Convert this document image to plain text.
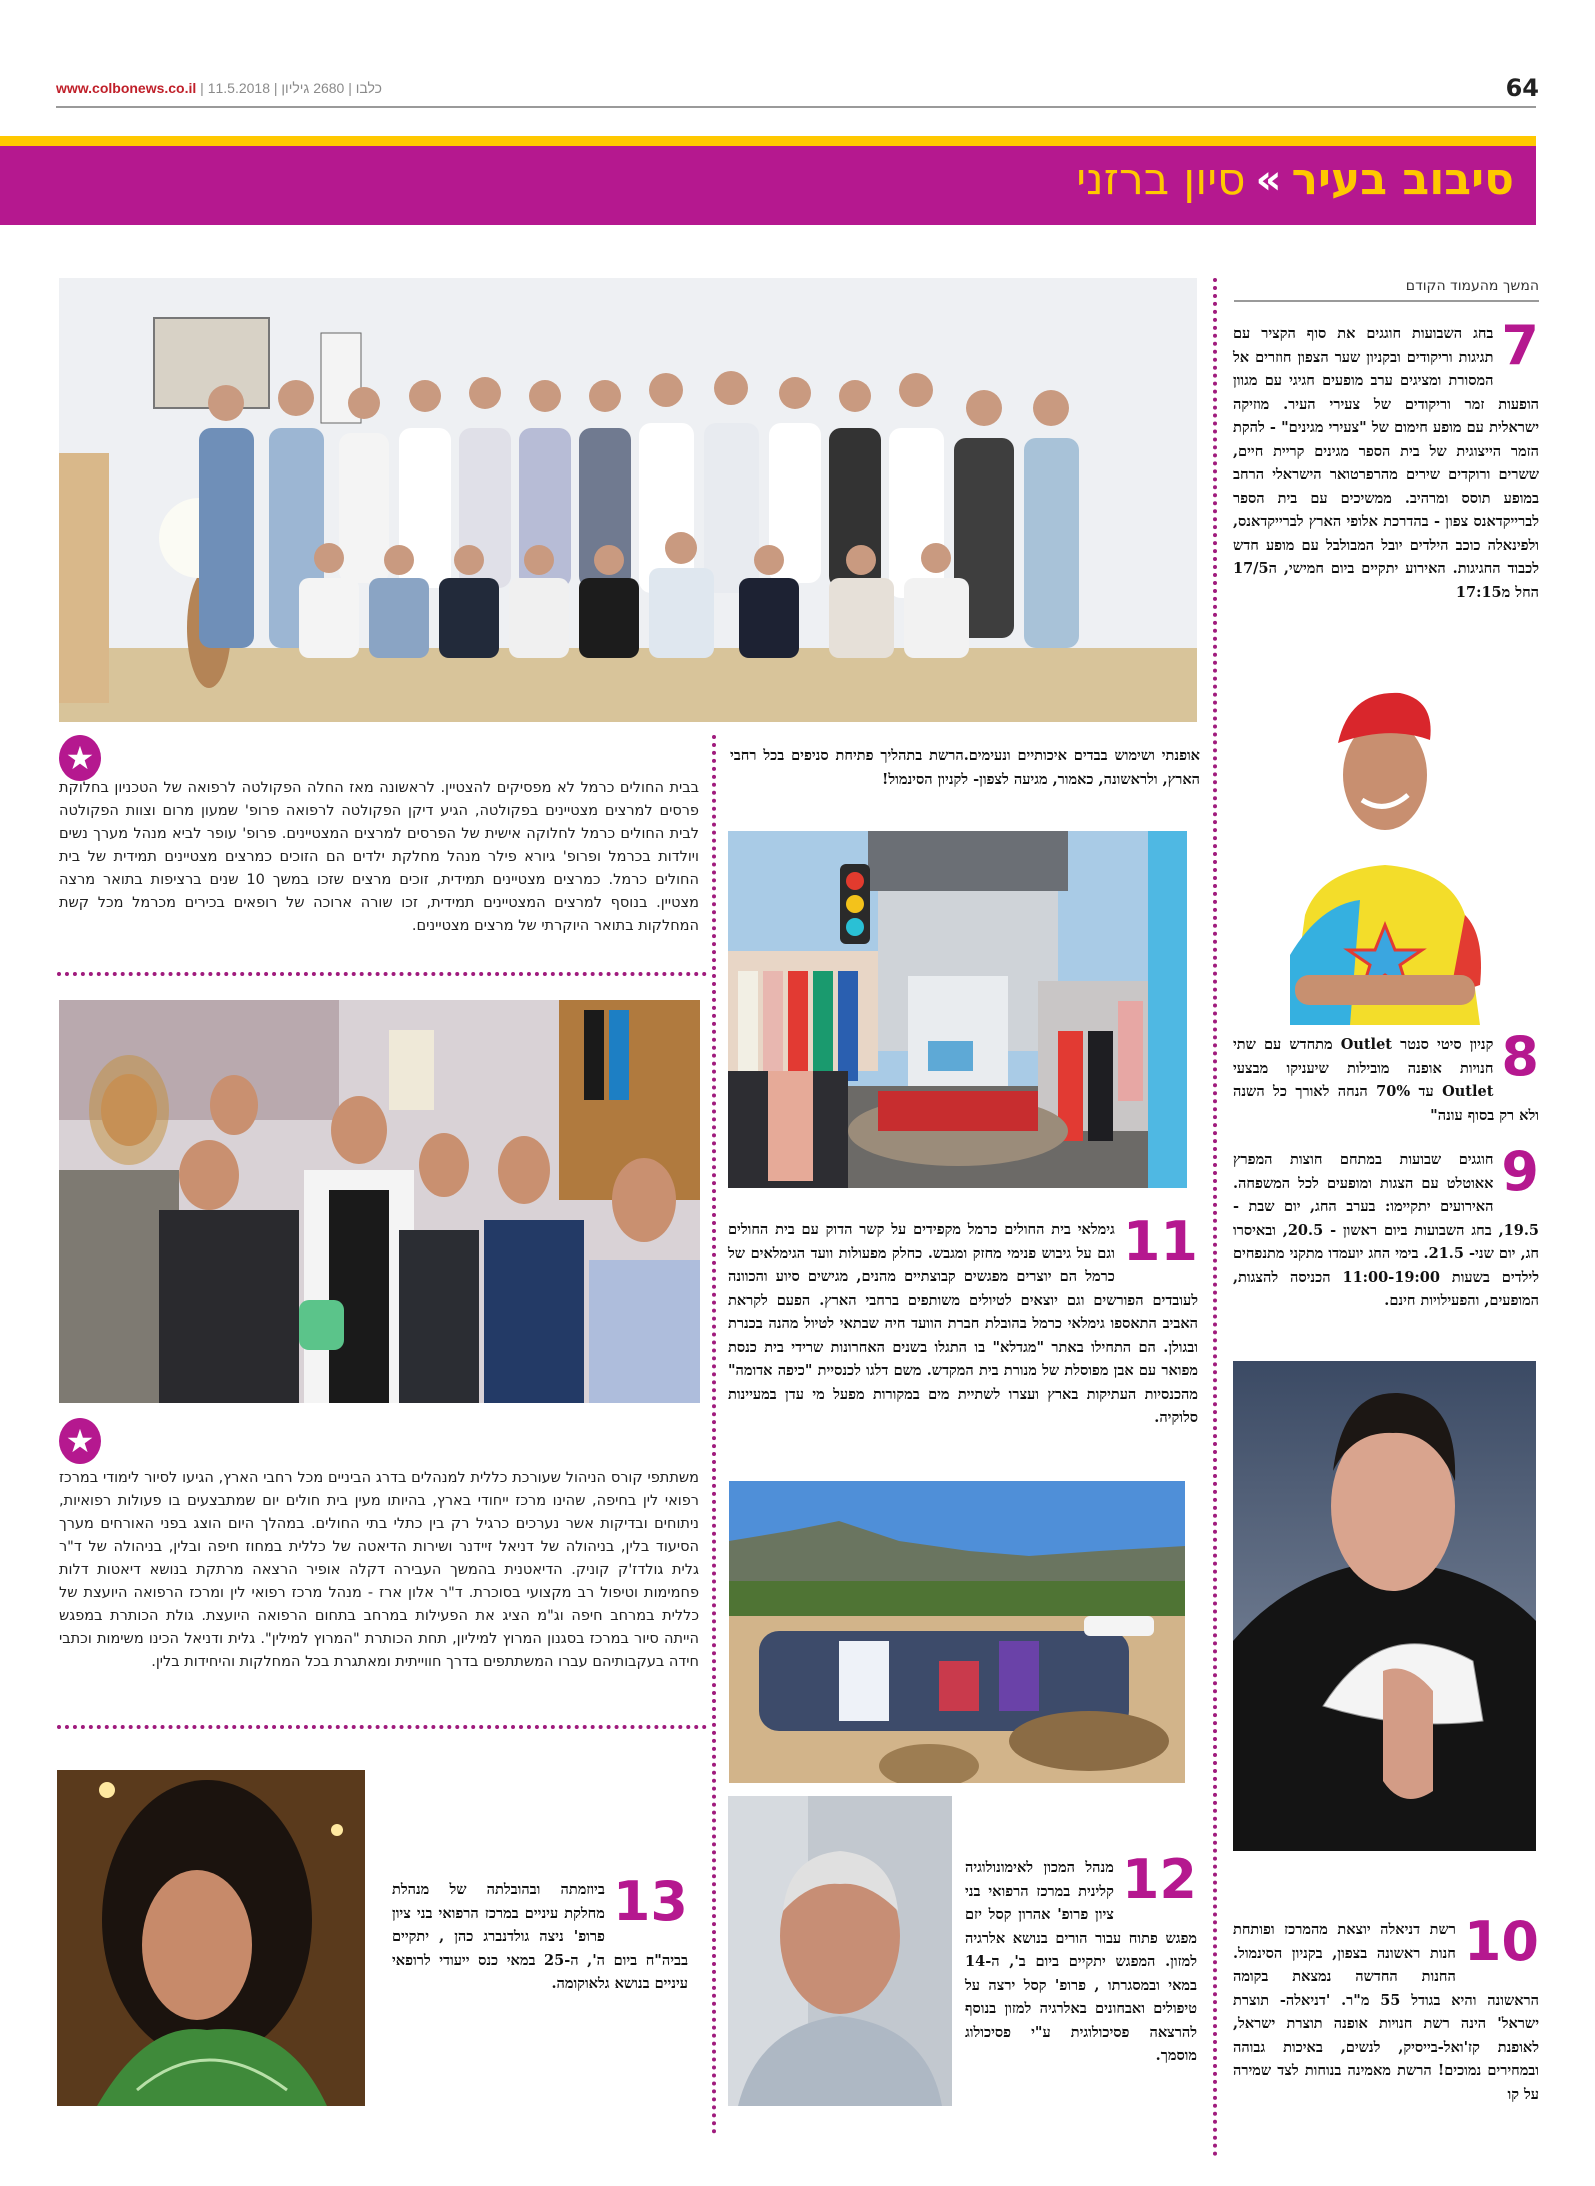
www.colbonews.co.il | כלבו | 2680 גיליון | 11.5.2018	64
סיבוב בעיר
»
סיון ברזני
המשך מהעמוד הקודם
7
בחג השבועות חוגגים את סוף הקציר עם תגיגות וריקודים ובקניון שער הצפון חוזרים אל המסורת ומציגים ערב מופעים חגיגי עם מגוון הופעות זמר וריקודים של צעירי העיר. מוזיקה ישראלית עם מופע חימום של "צעירי מגינים" - להקת הזמר הייצוגית של בית הספר מגינים קריית חיים, ששרים ורוקדים שירים מהרפרטואר הישראלי הרחב במופע תוסס ומרהיב. ממשיכים עם בית הספר לברייקדאנס צפון - בהדרכת אלופי הארץ לברייקדאנס, ולפינאלה כוכב הילדים יובל המבולבל עם מופע חדש לכבוד החגיגות. האירוע יתקיים ביום חמישי, ה17/5 החל מ17:15
8
קניון סיטי סנטר Outlet מתחדש עם שתי חנויות אופנה מובילות שיעניקו מבצעי Outlet עד 70% הנחה לאורך כל השנה ולא רק בסוף עונה"
9
חוגגים שבועות במתחם חוצות המפרץ אאוטלט עם הצגות ומופעים לכל המשפחה. האירועים יתקיימו: בערב החג, יום שבת - 19.5, בחג השבועות ביום ראשון - 20.5, ובאיסרו חג, יום שני- 21.5. בימי החג יועמדו מתקני מתנפחים לילדים בשעות 11:00-19:00 הכניסה להצגות, המופעים, והפעילויות חינם.
10
רשת דניאלה יוצאת מהמרכז ופותחת חנות ראשונה בצפון, בקניון הסינמול. החנות החדשה נמצאת בקומה הראשונה והיא בגודל 55 מ"ר. 'דניאלה- תוצרת ישראל' הינה רשת חנויות אופנה תוצרת ישראל, לאופנת קז'ואל-בייסיק, לנשים, באיכות גבוהה ובמחירים נמוכים! הרשת מאמינה בנוחות לצד שמירה על קו
אופנתי ושימוש בבדים איכותיים ונעימים.הרשת בתהליך פתיחת סניפים בכל רחבי הארץ, ולראשונה, כאמור, מגיעה לצפון- לקניון הסינמול!
11
גימלאי בית החולים כרמל מקפידים על קשר הדוק עם בית החולים וגם על גיבוש פנימי מחזק ומגבש. כחלק מפעולות וועד הגימלאים של כרמל הם יוצרים מפגשים קבוצתיים מהנים, מגישים סיוע והכוונה לעובדים הפורשים וגם יוצאים לטיולים משותפים ברחבי הארץ. הפעם לקראת האביב התאספו גימלאי כרמל בהובלת חברת הוועד חיה שבתאי לטיול מהנה בכנרת ובגולן. הם התחילו באתר "מגדלא" בו התגלו בשנים האחרונות שרידי בית כנסת מפואר עם אבן מפוסלת של מנורת בית המקדש. משם דלגו לכנסיית "כיפה אדומה" מהכנסיות העתיקות בארץ ועצרו לשתיית מים במקורות מפעל מי עדן במעיינות סלוקיה.
12
מנהל המכון לאימונולוגיה קלינית במרכז הרפואי בני ציון פרופ' אהרון קסל יזם מפגש פתוח עבור הורים בנושא אלרגיה למזון. המפגש יתקיים ביום ב', ה-14 במאי ובמסגרתו , פרופ' קסל ירצה על טיפולים ואבחונים באלרגיה למזון בנוסף להרצאה פסיכולוגית ע"י פסיכולוג מוסמך.
★
בבית החולים כרמל לא מפסיקים להצטיין. לראשונה מאז החלה הפקולטה לרפואה של הטכניון בחלוקת פרסים למרצים מצטיינים בפקולטה, הגיע דיקן הפקולטה לרפואה פרופ' שמעון מרום וצוות הפקולטה לבית החולים כרמל לחלוקה אישית של הפרסים למרצים המצטיינים. פרופ' עופר לביא מנהל מערך נשים ויולדות בכרמל ופרופ' גיורא פילר מנהל מחלקת ילדים הם הזוכים כמרצים מצטיינים תמידית של בית החולים כרמל. כמרצים מצטיינים תמידית, זוכים מרצים שזכו במשך 10 שנים ברציפות בתואר מרצה מצטיין. בנוסף למרצים המצטיינים תמידית, זכו שורה ארוכה של רופאים בכירים מכרמל מכל קשת המחלקות בתואר היוקרתי של מרצים מצטיינים.
★
משתתפי קורס הניהול שעורכת כללית למנהלים בדרג הביניים מכל רחבי הארץ, הגיעו לסיור לימודי במרכז רפואי לין בחיפה, שהינו מרכז ייחודי בארץ, בהיותו מעין בית חולים יום שמתבצעים בו פעולות רפואיות, ניתוחים ובדיקות אשר נערכים כרגיל רק בין כתלי בתי החולים. במהלך היום הוצג בפני האורחים מערך הסיעוד בלין, בניהולה של דניאל זיידנר ושירות הדיאטה של כללית במחוז חיפה ובלין, בניהולה של ד"ר גלית גולדז'ק קוניק. הדיאטנית בהמשך העבירה דקלה אופיר הרצאה מרתקת בנושא דיאטות דלות פחמימות וטיפול רב מקצועי בסוכרת. ד"ר אלון ארז - מנהל מרכז רפואי לין ומרכז הרפואה היועצת של כללית במרחב חיפה וג"מ הציג את הפעילות במרחב בתחום הרפואה היועצת. גולת הכותרת במפגש הייתה סיור במרכז בסגנון המרוץ למיליון, תחת הכותרת "המרוץ למילין". גלית ודניאל הכינו משימות וכתבי חידה בעקבותיהם עברו המשתתפים בדרך חווייתית ומאתגרת בכל המחלקות והיחידות בלין.
13
ביוזמתה ובהובלתה של מנהלת מחלקת עיניים במרכז הרפואי בני ציון פרופ' ניצה גולדנברג כהן , יתקיים בביה"ח ביום ה', ה-25 במאי כנס ייעודי לרופאי עיניים בנושא גלאוקומה.
